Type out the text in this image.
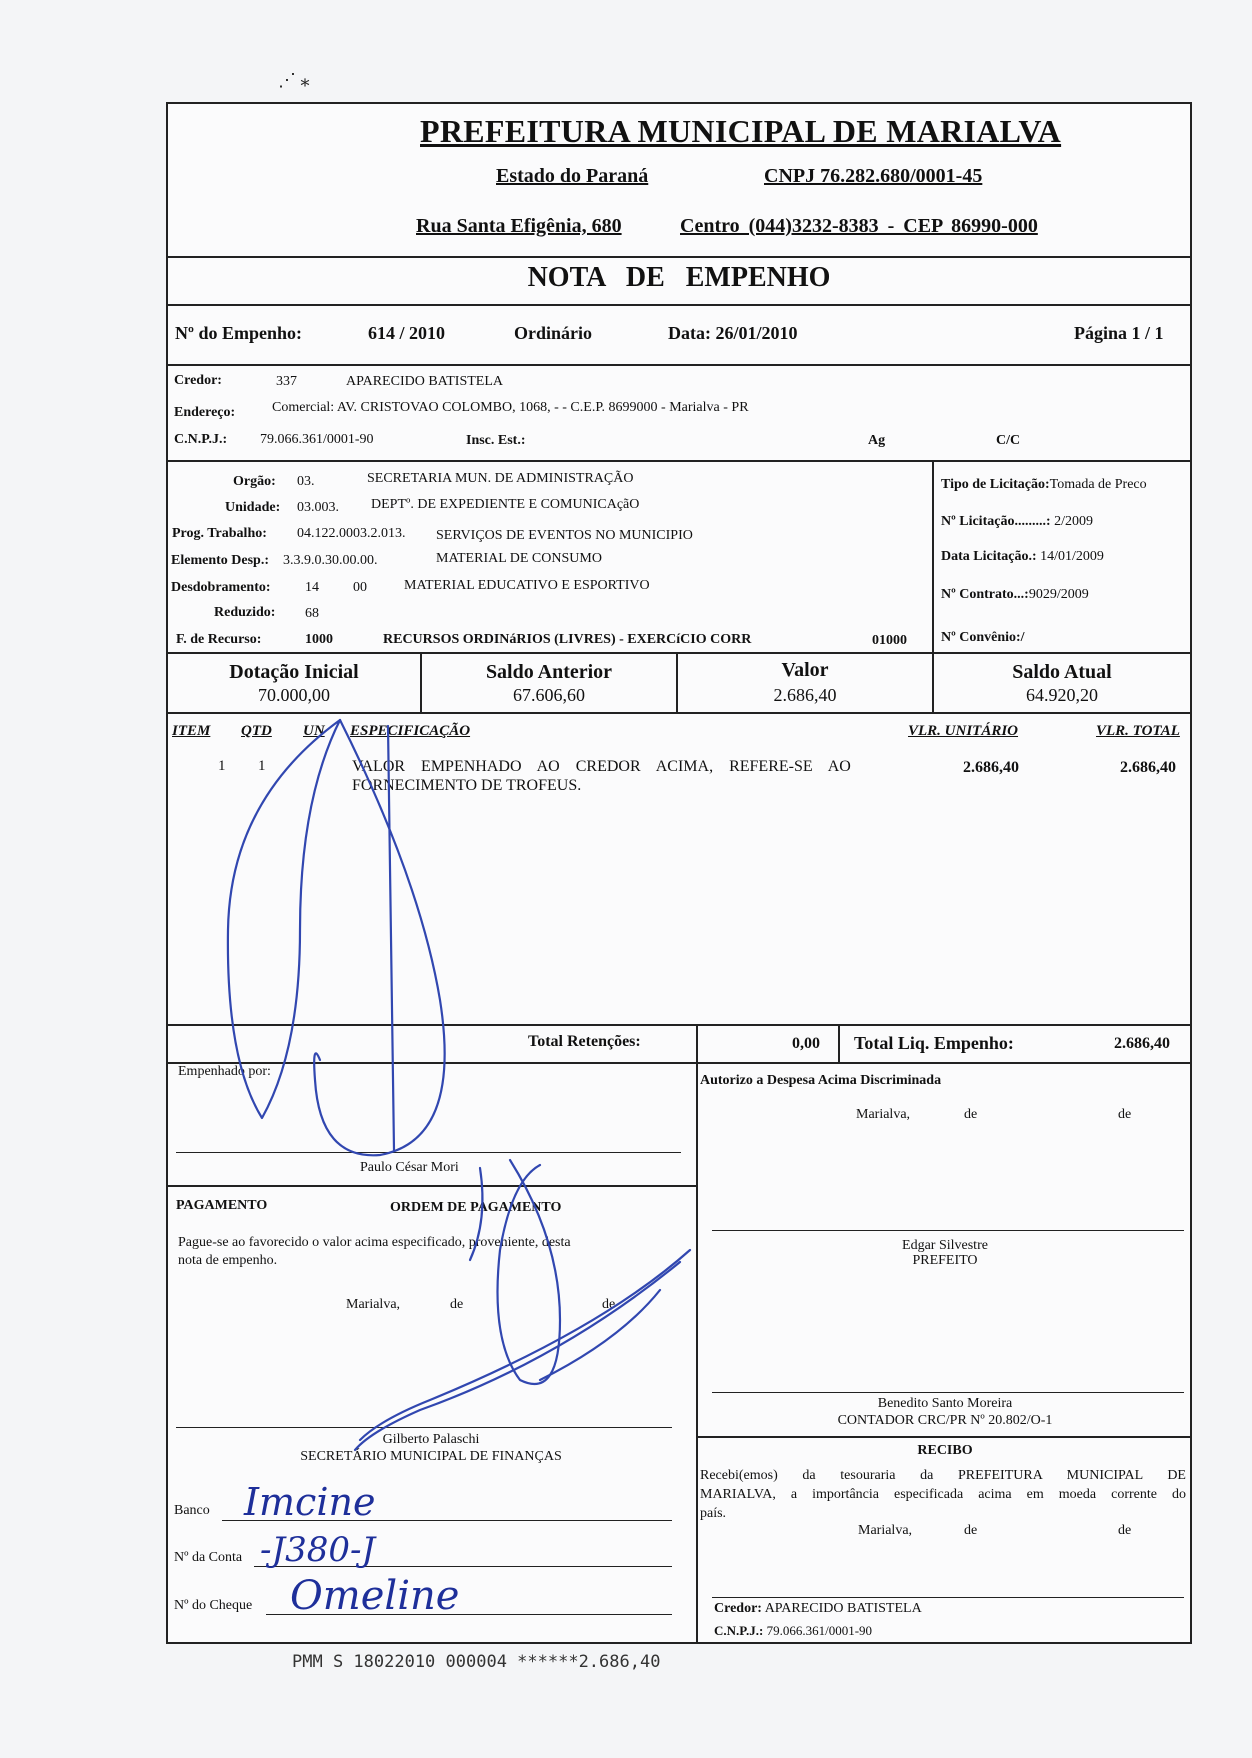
⋰ ⁎
PREFEITURA MUNICIPAL DE MARIALVA
Estado do Paraná	CNPJ 76.282.680/0001-45
Rua Santa Efigênia, 680	Centro (044)3232-8383 - CEP 86990-000
NOTA DE EMPENHO
Nº do Empenho:	614 / 2010	Ordinário	Data: 26/01/2010	Página 1 / 1
Credor:	337	APARECIDO BATISTELA
Endereço:	Comercial: AV. CRISTOVAO COLOMBO, 1068, - - C.E.P. 8699000 - Marialva - PR
C.N.P.J.: 79.066.361/0001-90	Insc. Est.:	Ag	C/C
Orgão: 03.	SECRETARIA MUN. DE ADMINISTRAÇÃO
Unidade: 03.003. DEPTº. DE EXPEDIENTE E COMUNICAçãO
Prog. Trabalho: 04.122.0003.2.013. SERVIÇOS DE EVENTOS NO MUNICIPIO
Elemento Desp.: 3.3.9.0.30.00.00.	MATERIAL DE CONSUMO
Desdobramento: 14 00	MATERIAL EDUCATIVO E ESPORTIVO
Reduzido: 68
F. de Recurso:	1000	RECURSOS ORDINáRIOS (LIVRES) - EXERCíCIO CORR	01000
Tipo de Licitação:Tomada de Preco
Nº Licitação.........: 2/2009
Data Licitação.: 14/01/2009
Nº Contrato...:9029/2009
Nº Convênio:/
Dotação Inicial
70.000,00
Saldo Anterior
67.606,60
Valor
2.686,40
Saldo Atual
64.920,20
ITEM QTD UN ESPECIFICAÇÃO	VLR. UNITÁRIO	VLR. TOTAL
1 1	VALOR EMPENHADO AO CREDOR ACIMA, REFERE-SE AO
FORNECIMENTO DE TROFEUS.
2.686,40	2.686,40
Total Retenções:	0,00 Total Liq. Empenho:	2.686,40
Empenhado por:
Paulo César Mori
Autorizo a Despesa Acima Discriminada
Marialva,	de	de
Edgar Silvestre
PREFEITO
Benedito Santo Moreira
CONTADOR CRC/PR Nº 20.802/O-1
RECIBO
Recebi(emos) da tesouraria da PREFEITURA MUNICIPAL DE
MARIALVA, a importância especificada acima em moeda corrente do
país.
Marialva,	de	de
Credor: APARECIDO BATISTELA
C.N.P.J.: 79.066.361/0001-90
PAGAMENTO	ORDEM DE PAGAMENTO
Pague-se ao favorecido o valor acima especificado, proveniente, desta
nota de empenho.
Marialva,	de	de
Gilberto Palaschi
SECRETÁRIO MUNICIPAL DE FINANÇAS
Banco Imcine
Nº da Conta -J380-J
Nº do Cheque Omeline
PMM S 18022010 000004 ******2.686,40
